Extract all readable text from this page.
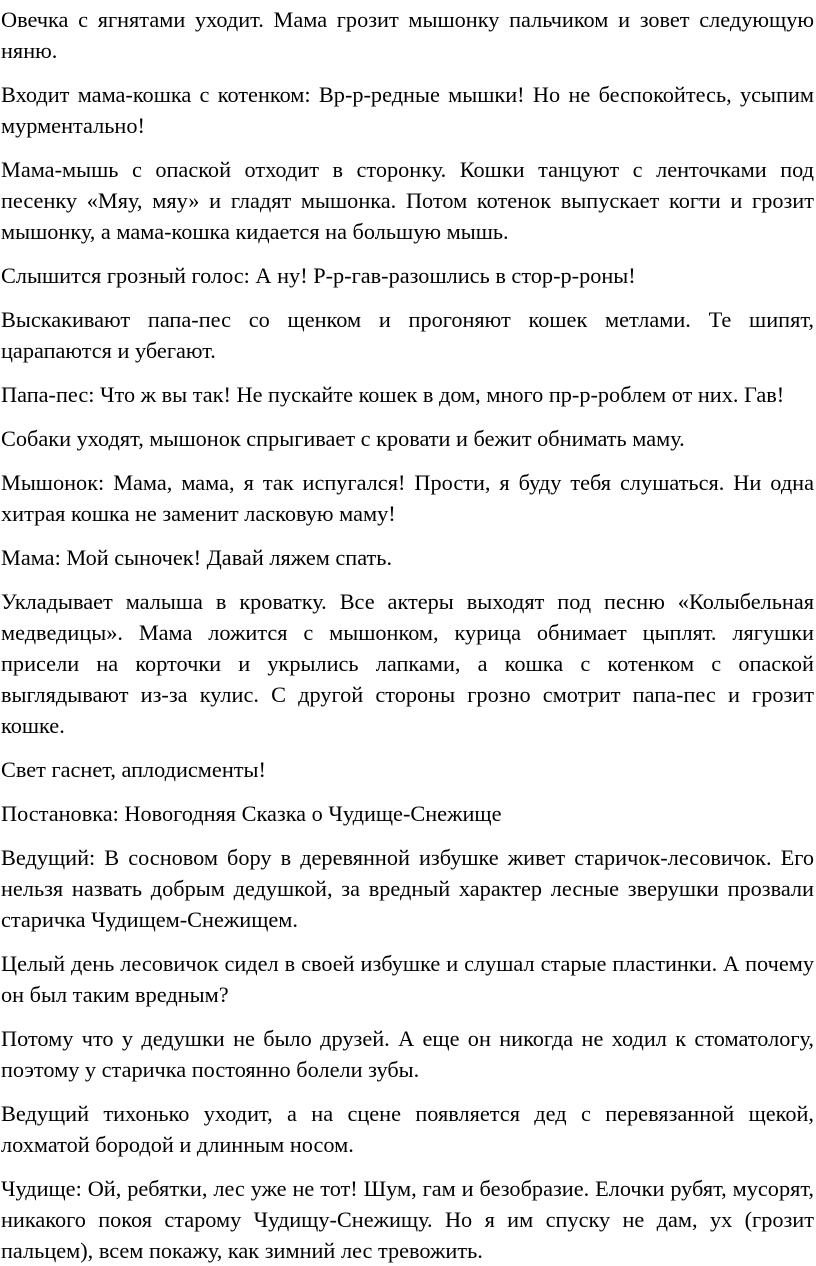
Овечка с ягнятами уходит. Мама грозит мышонку пальчиком и зовет следующую няню.

Входит мама-кошка с котенком: Вр-р-редные мышки! Но не беспокойтесь, усыпим мурментально!

Мама-мышь с опаской отходит в сторонку. Кошки танцуют с ленточками под песенку «Мяу, мяу» и гладят мышонка. Потом котенок выпускает когти и грозит мышонку, а мама-кошка кидается на большую мышь.

Слышится грозный голос: А ну! Р-р-гав-разошлись в стор-р-роны!

Выскакивают папа-пес со щенком и прогоняют кошек метлами. Те шипят, царапаются и убегают.

Папа-пес: Что ж вы так! Не пускайте кошек в дом, много пр-р-роблем от них. Гав!

Собаки уходят, мышонок спрыгивает с кровати и бежит обнимать маму.

Мышонок: Мама, мама, я так испугался! Прости, я буду тебя слушаться. Ни одна хитрая кошка не заменит ласковую маму!

Мама: Мой сыночек! Давай ляжем спать.

Укладывает малыша в кроватку. Все актеры выходят под песню «Колыбельная медведицы». Мама ложится с мышонком, курица обнимает цыплят. лягушки присели на корточки и укрылись лапками, а кошка с котенком с опаской выглядывают из-за кулис. С другой стороны грозно смотрит папа-пес и грозит кошке.

Свет гаснет, аплодисменты!

Постановка: Новогодняя Сказка о Чудище-Снежище

Ведущий: В сосновом бору в деревянной избушке живет старичок-лесовичок. Его нельзя назвать добрым дедушкой, за вредный характер лесные зверушки прозвали старичка Чудищем-Снежищем.

Целый день лесовичок сидел в своей избушке и слушал старые пластинки. А почему он был таким вредным?

Потому что у дедушки не было друзей. А еще он никогда не ходил к стоматологу, поэтому у старичка постоянно болели зубы.

Ведущий тихонько уходит, а на сцене появляется дед с перевязанной щекой, лохматой бородой и длинным носом.

Чудище: Ой, ребятки, лес уже не тот! Шум, гам и безобразие. Елочки рубят, мусорят, никакого покоя старому Чудищу-Снежищу. Но я им спуску не дам, ух (грозит пальцем), всем покажу, как зимний лес тревожить.
